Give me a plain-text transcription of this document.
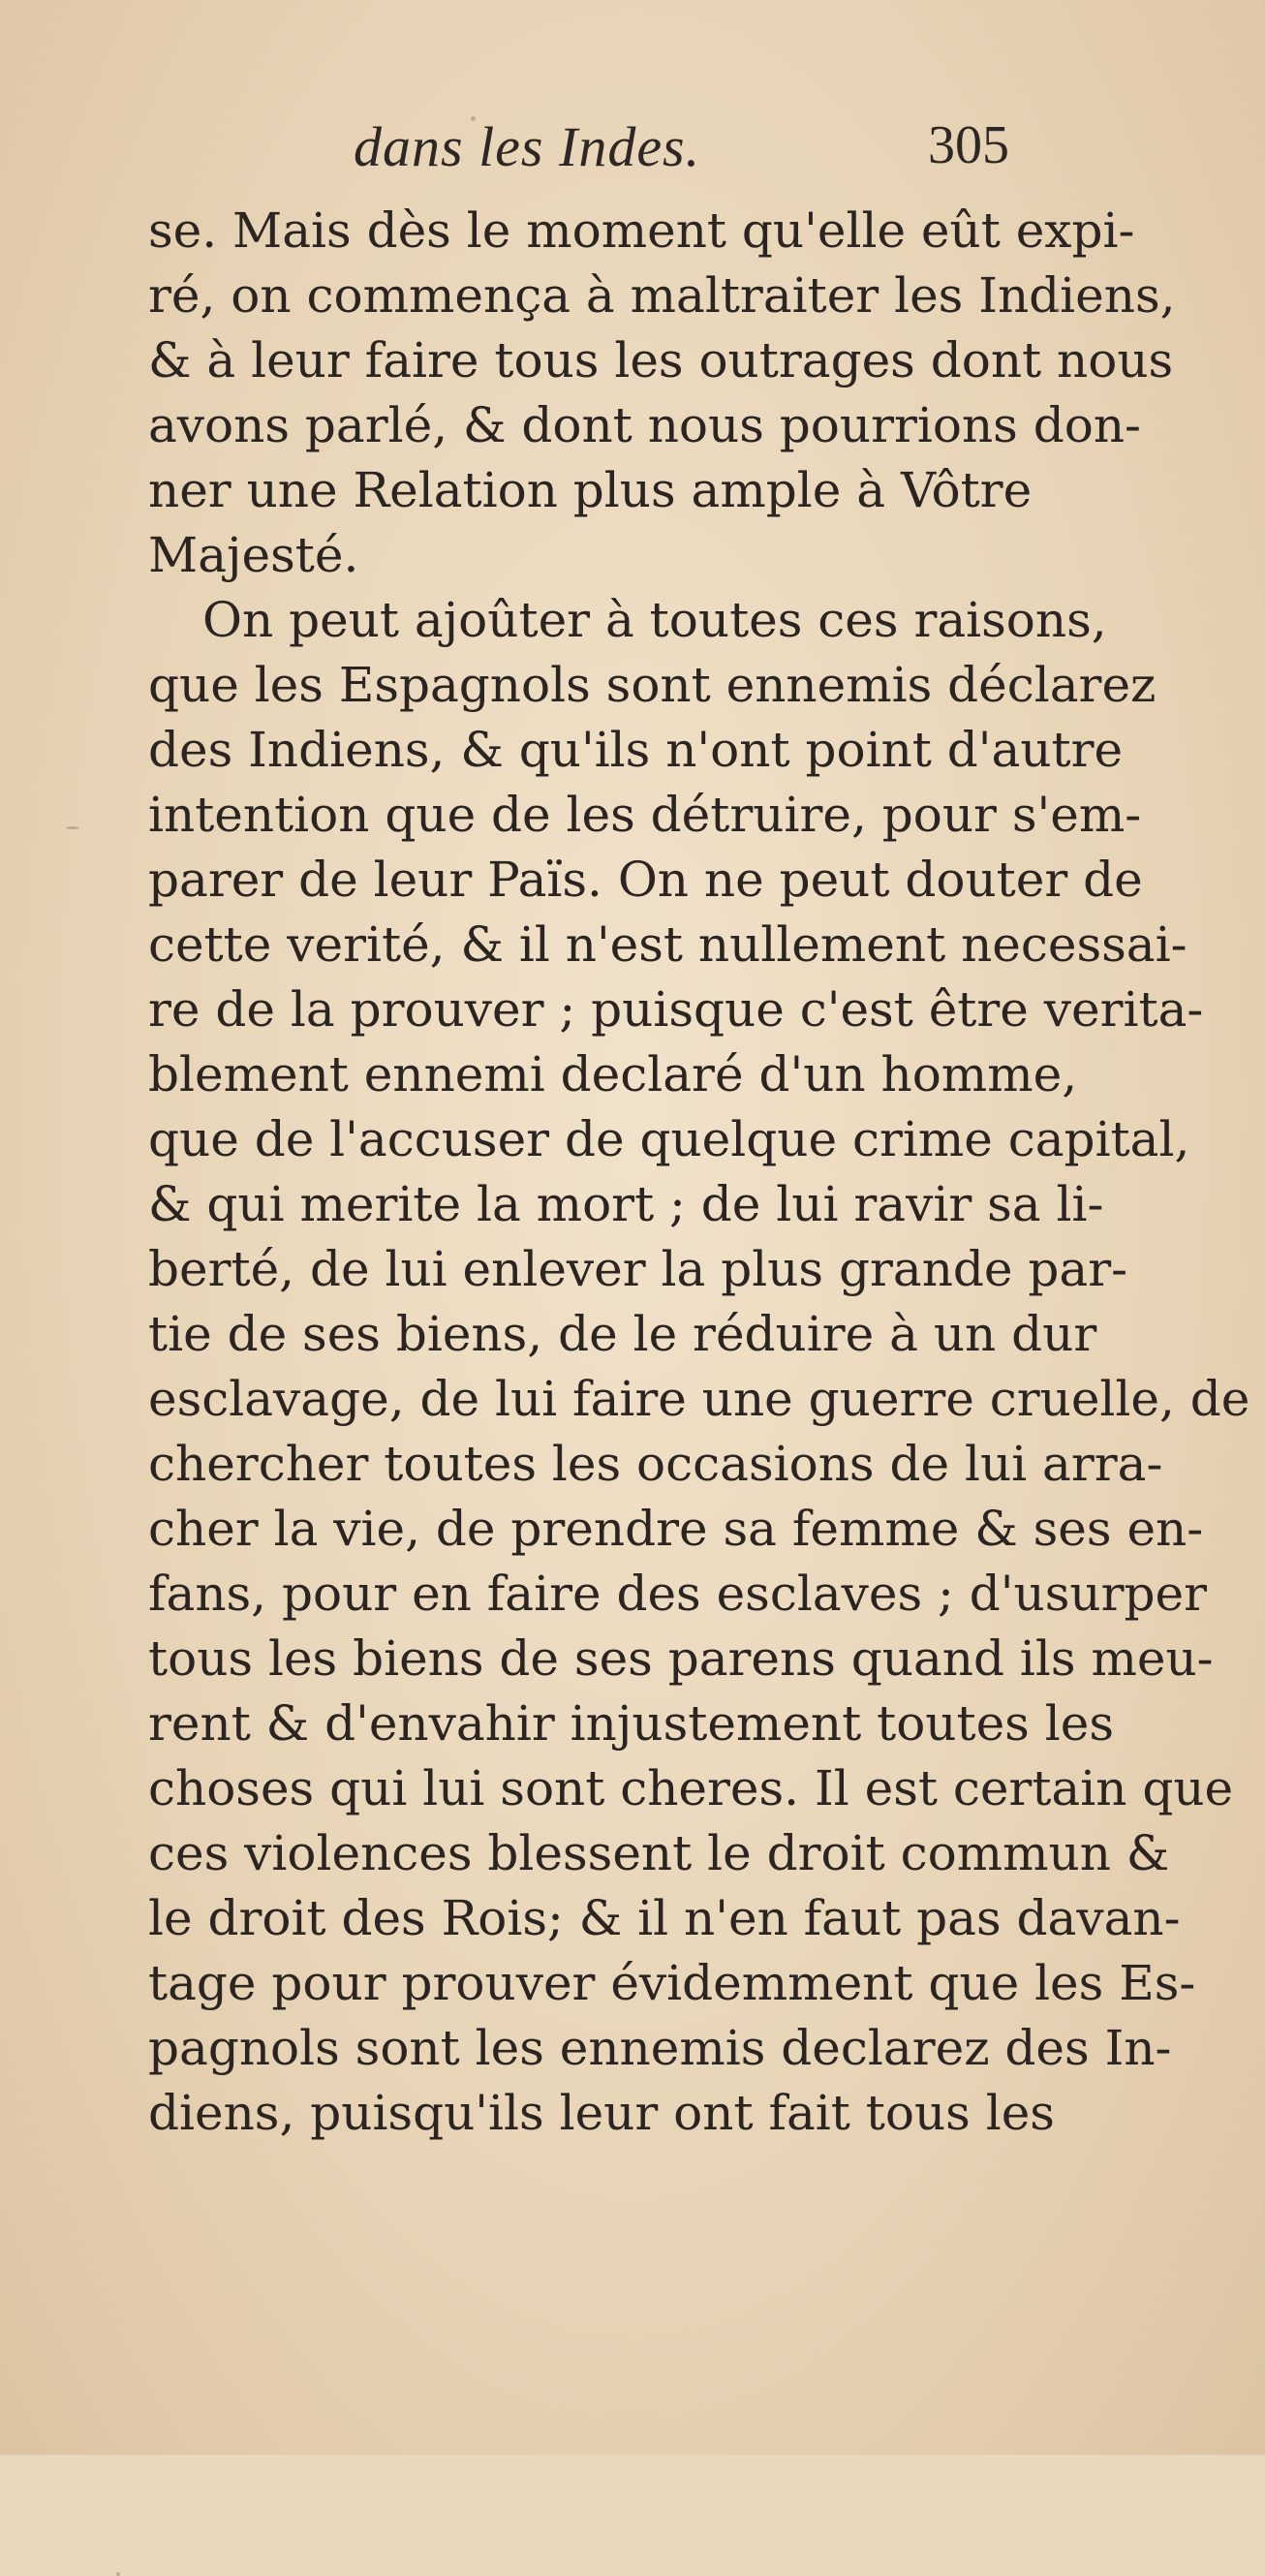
dans les Indes.	305
se. Mais dès le moment qu'elle eût expi-
ré, on commença à maltraiter les Indiens,
& à leur faire tous les outrages dont nous
avons parlé, & dont nous pourrions don-
ner une Relation plus ample à Vôtre
Majesté.
On peut ajoûter à toutes ces raisons,
que les Espagnols sont ennemis déclarez
des Indiens, & qu'ils n'ont point d'autre
intention que de les détruire, pour s'em-
parer de leur Païs. On ne peut douter de
cette verité, & il n'est nullement necessai-
re de la prouver ; puisque c'est être verita-
blement ennemi declaré d'un homme,
que de l'accuser de quelque crime capital,
& qui merite la mort ; de lui ravir sa li-
berté, de lui enlever la plus grande par-
tie de ses biens, de le réduire à un dur
esclavage, de lui faire une guerre cruelle, de
chercher toutes les occasions de lui arra-
cher la vie, de prendre sa femme & ses en-
fans, pour en faire des esclaves ; d'usurper
tous les biens de ses parens quand ils meu-
rent & d'envahir injustement toutes les
choses qui lui sont cheres. Il est certain que
ces violences blessent le droit commun &
le droit des Rois; & il n'en faut pas davan-
tage pour prouver évidemment que les Es-
pagnols sont les ennemis declarez des In-
diens, puisqu'ils leur ont fait tous les
